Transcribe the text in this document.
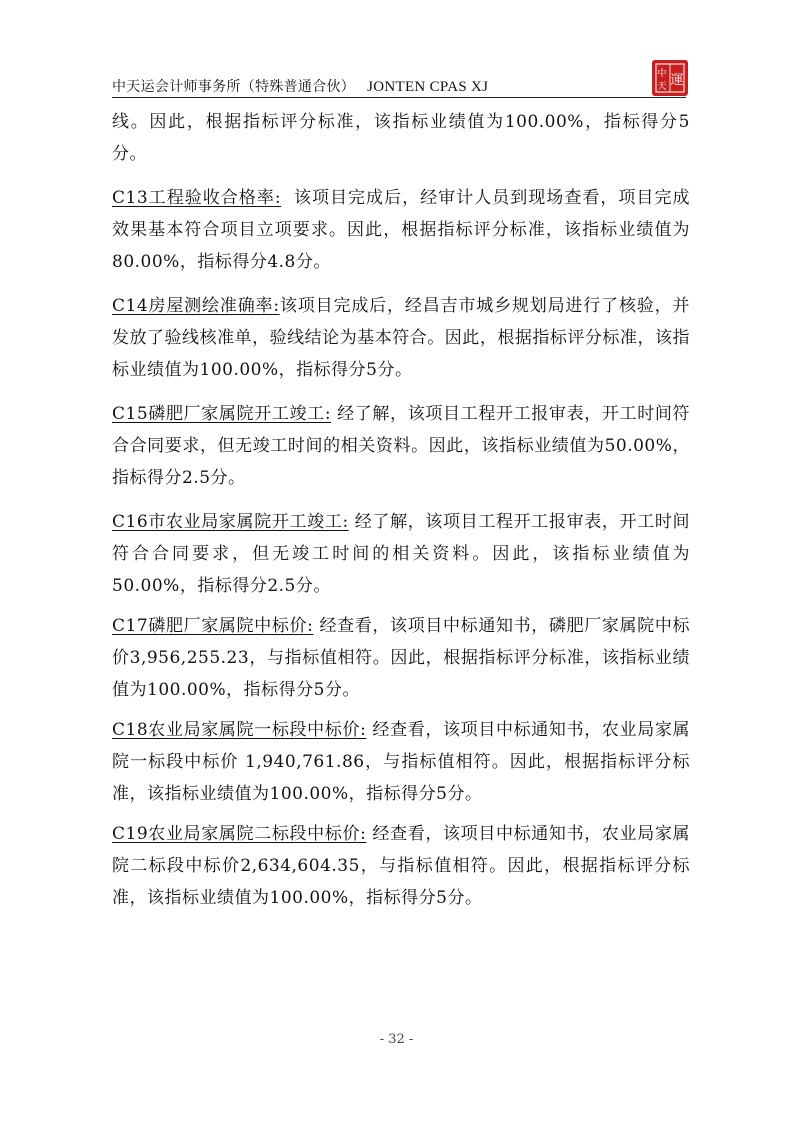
中天运会计师事务所（特殊普通合伙） JONTEN CPAS XJ
中
天 運

线。因此，根据指标评分标准，该指标业绩值为100.00%，指标得分5分。

C13工程验收合格率:  该项目完成后，经审计人员到现场查看，项目完成效果基本符合项目立项要求。因此，根据指标评分标准，该指标业绩值为80.00%，指标得分4.8分。

C14房屋测绘准确率:该项目完成后，经昌吉市城乡规划局进行了核验，并发放了验线核准单，验线结论为基本符合。因此，根据指标评分标准，该指标业绩值为100.00%，指标得分5分。

C15磷肥厂家属院开工竣工: 经了解，该项目工程开工报审表，开工时间符合合同要求，但无竣工时间的相关资料。因此，该指标业绩值为50.00%，指标得分2.5分。

C16市农业局家属院开工竣工: 经了解，该项目工程开工报审表，开工时间符合合同要求，但无竣工时间的相关资料。因此，该指标业绩值为50.00%，指标得分2.5分。

C17磷肥厂家属院中标价: 经查看，该项目中标通知书，磷肥厂家属院中标价3,956,255.23，与指标值相符。因此，根据指标评分标准，该指标业绩值为100.00%，指标得分5分。

C18农业局家属院一标段中标价: 经查看，该项目中标通知书，农业局家属院一标段中标价 1,940,761.86，与指标值相符。因此，根据指标评分标准，该指标业绩值为100.00%，指标得分5分。

C19农业局家属院二标段中标价: 经查看，该项目中标通知书，农业局家属院二标段中标价2,634,604.35，与指标值相符。因此，根据指标评分标准，该指标业绩值为100.00%，指标得分5分。

- 32 -
